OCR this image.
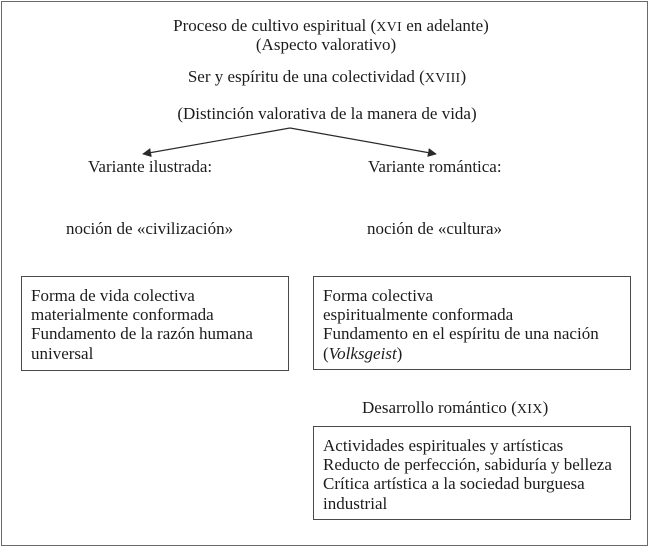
Proceso de cultivo espiritual (XVI en adelante)
(Aspecto valorativo)
Ser y espíritu de una colectividad (XVIII)
(Distinción valorativa de la manera de vida)
Variante ilustrada:
noción de «civilización»
Forma de vida colectiva
materialmente conformada
Fundamento de la razón humana
universal
Variante romántica:
noción de «cultura»
Forma colectiva
espiritualmente conformada
Fundamento en el espíritu de una nación
(Volksgeist)
Desarrollo romántico (XIX)
Actividades espirituales y artísticas
Reducto de perfección, sabiduría y belleza
Crítica artística a la sociedad burguesa
industrial
